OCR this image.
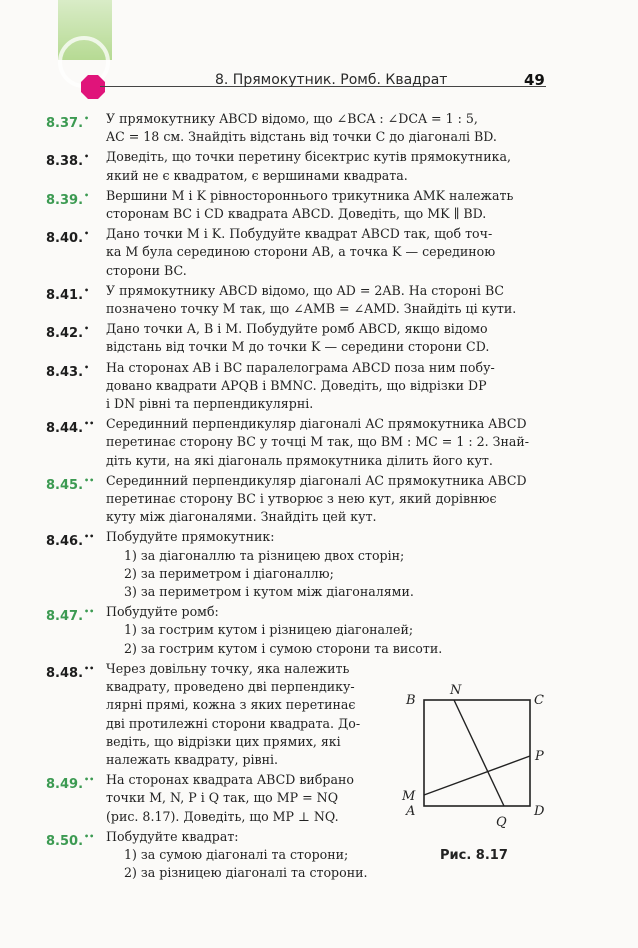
8. Прямокутник. Ромб. Квадрат	49
8.37.• У прямокутнику ABCD відомо, що ∠BCA : ∠DCA = 1 : 5,
AC = 18 см. Знайдіть відстань від точки C до діагоналі BD.
8.38.• Доведіть, що точки перетину бісектрис кутів прямокутника,
який не є квадратом, є вершинами квадрата.
8.39.• Вершини M і K рівностороннього трикутника AMK належать
сторонам BC і CD квадрата ABCD. Доведіть, що MK ∥ BD.
8.40.• Дано точки M і K. Побудуйте квадрат ABCD так, щоб точ-
ка M була серединою сторони AB, а точка K — серединою
сторони BC.
8.41.• У прямокутнику ABCD відомо, що AD = 2AB. На стороні BC
позначено точку M так, що ∠AMB = ∠AMD. Знайдіть ці кути.
8.42.• Дано точки A, B і M. Побудуйте ромб ABCD, якщо відомо
відстань від точки M до точки K — середини сторони CD.
8.43.• На сторонах AB і BC паралелограма ABCD поза ним побу-
довано квадрати APQB і BMNC. Доведіть, що відрізки DP
і DN рівні та перпендикулярні.
8.44.•• Серединний перпендикуляр діагоналі AC прямокутника ABCD
перетинає сторону BC у точці M так, що BM : MC = 1 : 2. Знай-
діть кути, на які діагональ прямокутника ділить його кут.
8.45.•• Серединний перпендикуляр діагоналі AC прямокутника ABCD
перетинає сторону BC і утворює з нею кут, який дорівнює
куту між діагоналями. Знайдіть цей кут.
8.46.•• Побудуйте прямокутник:
1) за діагоналлю та різницею двох сторін;
2) за периметром і діагоналлю;
3) за периметром і кутом між діагоналями.
8.47.•• Побудуйте ромб:
1) за гострим кутом і різницею діагоналей;
2) за гострим кутом і сумою сторони та висоти.
8.48.•• Через довільну точку, яка належить
квадрату, проведено дві перпендику-
лярні прямі, кожна з яких перетинає
дві протилежні сторони квадрата. До-
ведіть, що відрізки цих прямих, які
належать квадрату, рівні.
8.49.•• На сторонах квадрата ABCD вибрано
точки M, N, P і Q так, що MP = NQ
(рис. 8.17). Доведіть, що MP ⊥ NQ.
8.50.•• Побудуйте квадрат:
1) за сумою діагоналі та сторони;
2) за різницею діагоналі та сторони.
B
N
C
P
M
A
Q
D
Рис. 8.17
